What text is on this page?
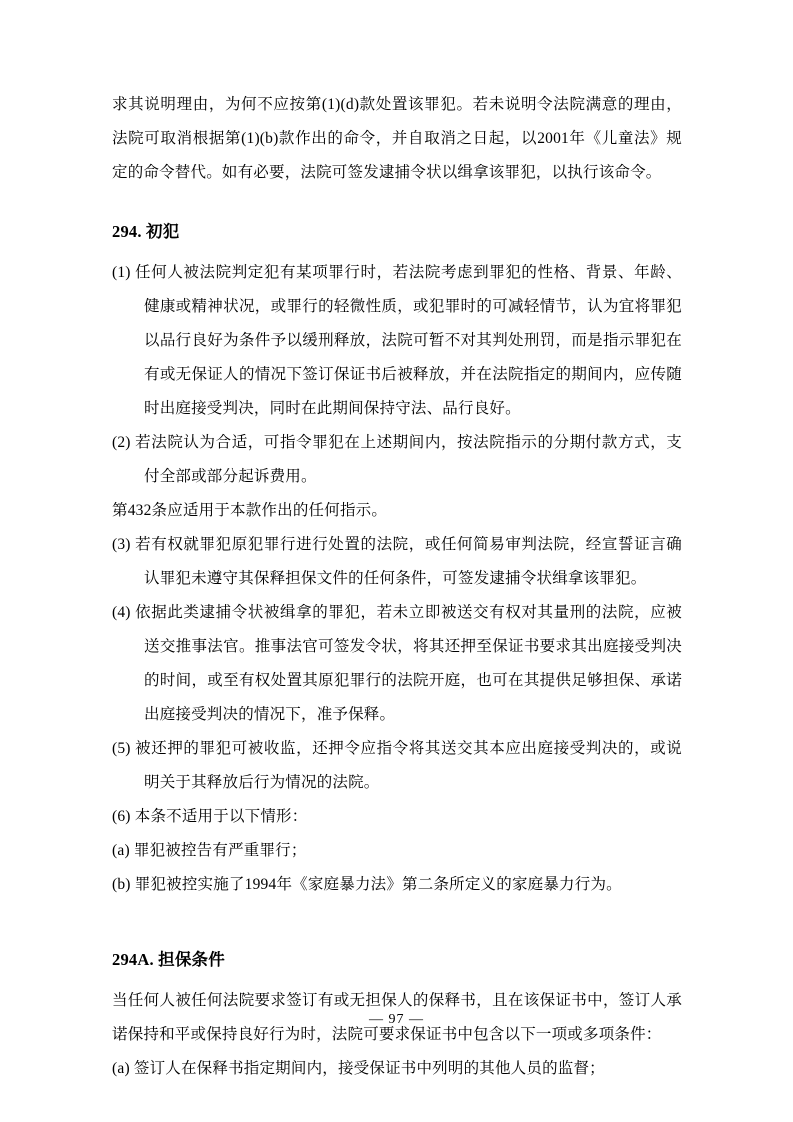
求其说明理由，为何不应按第(1)(d)款处置该罪犯。若未说明令法院满意的理由，法院可取消根据第(1)(b)款作出的命令，并自取消之日起，以2001年《儿童法》规定的命令替代。如有必要，法院可签发逮捕令状以缉拿该罪犯，以执行该命令。

294. 初犯

(1) 任何人被法院判定犯有某项罪行时，若法院考虑到罪犯的性格、背景、年龄、健康或精神状况，或罪行的轻微性质，或犯罪时的可减轻情节，认为宜将罪犯以品行良好为条件予以缓刑释放，法院可暂不对其判处刑罚，而是指示罪犯在有或无保证人的情况下签订保证书后被释放，并在法院指定的期间内，应传随时出庭接受判决，同时在此期间保持守法、品行良好。

(2) 若法院认为合适，可指令罪犯在上述期间内，按法院指示的分期付款方式，支付全部或部分起诉费用。

第432条应适用于本款作出的任何指示。

(3) 若有权就罪犯原犯罪行进行处置的法院，或任何简易审判法院，经宣誓证言确认罪犯未遵守其保释担保文件的任何条件，可签发逮捕令状缉拿该罪犯。

(4) 依据此类逮捕令状被缉拿的罪犯，若未立即被送交有权对其量刑的法院，应被送交推事法官。推事法官可签发令状，将其还押至保证书要求其出庭接受判决的时间，或至有权处置其原犯罪行的法院开庭，也可在其提供足够担保、承诺出庭接受判决的情况下，准予保释。

(5) 被还押的罪犯可被收监，还押令应指令将其送交其本应出庭接受判决的，或说明关于其释放后行为情况的法院。

(6) 本条不适用于以下情形：

(a) 罪犯被控告有严重罪行；

(b) 罪犯被控实施了1994年《家庭暴力法》第二条所定义的家庭暴力行为。

294A. 担保条件

当任何人被任何法院要求签订有或无担保人的保释书，且在该保证书中，签订人承诺保持和平或保持良好行为时，法院可要求保证书中包含以下一项或多项条件：

(a) 签订人在保释书指定期间内，接受保证书中列明的其他人员的监督；

— 97 —
